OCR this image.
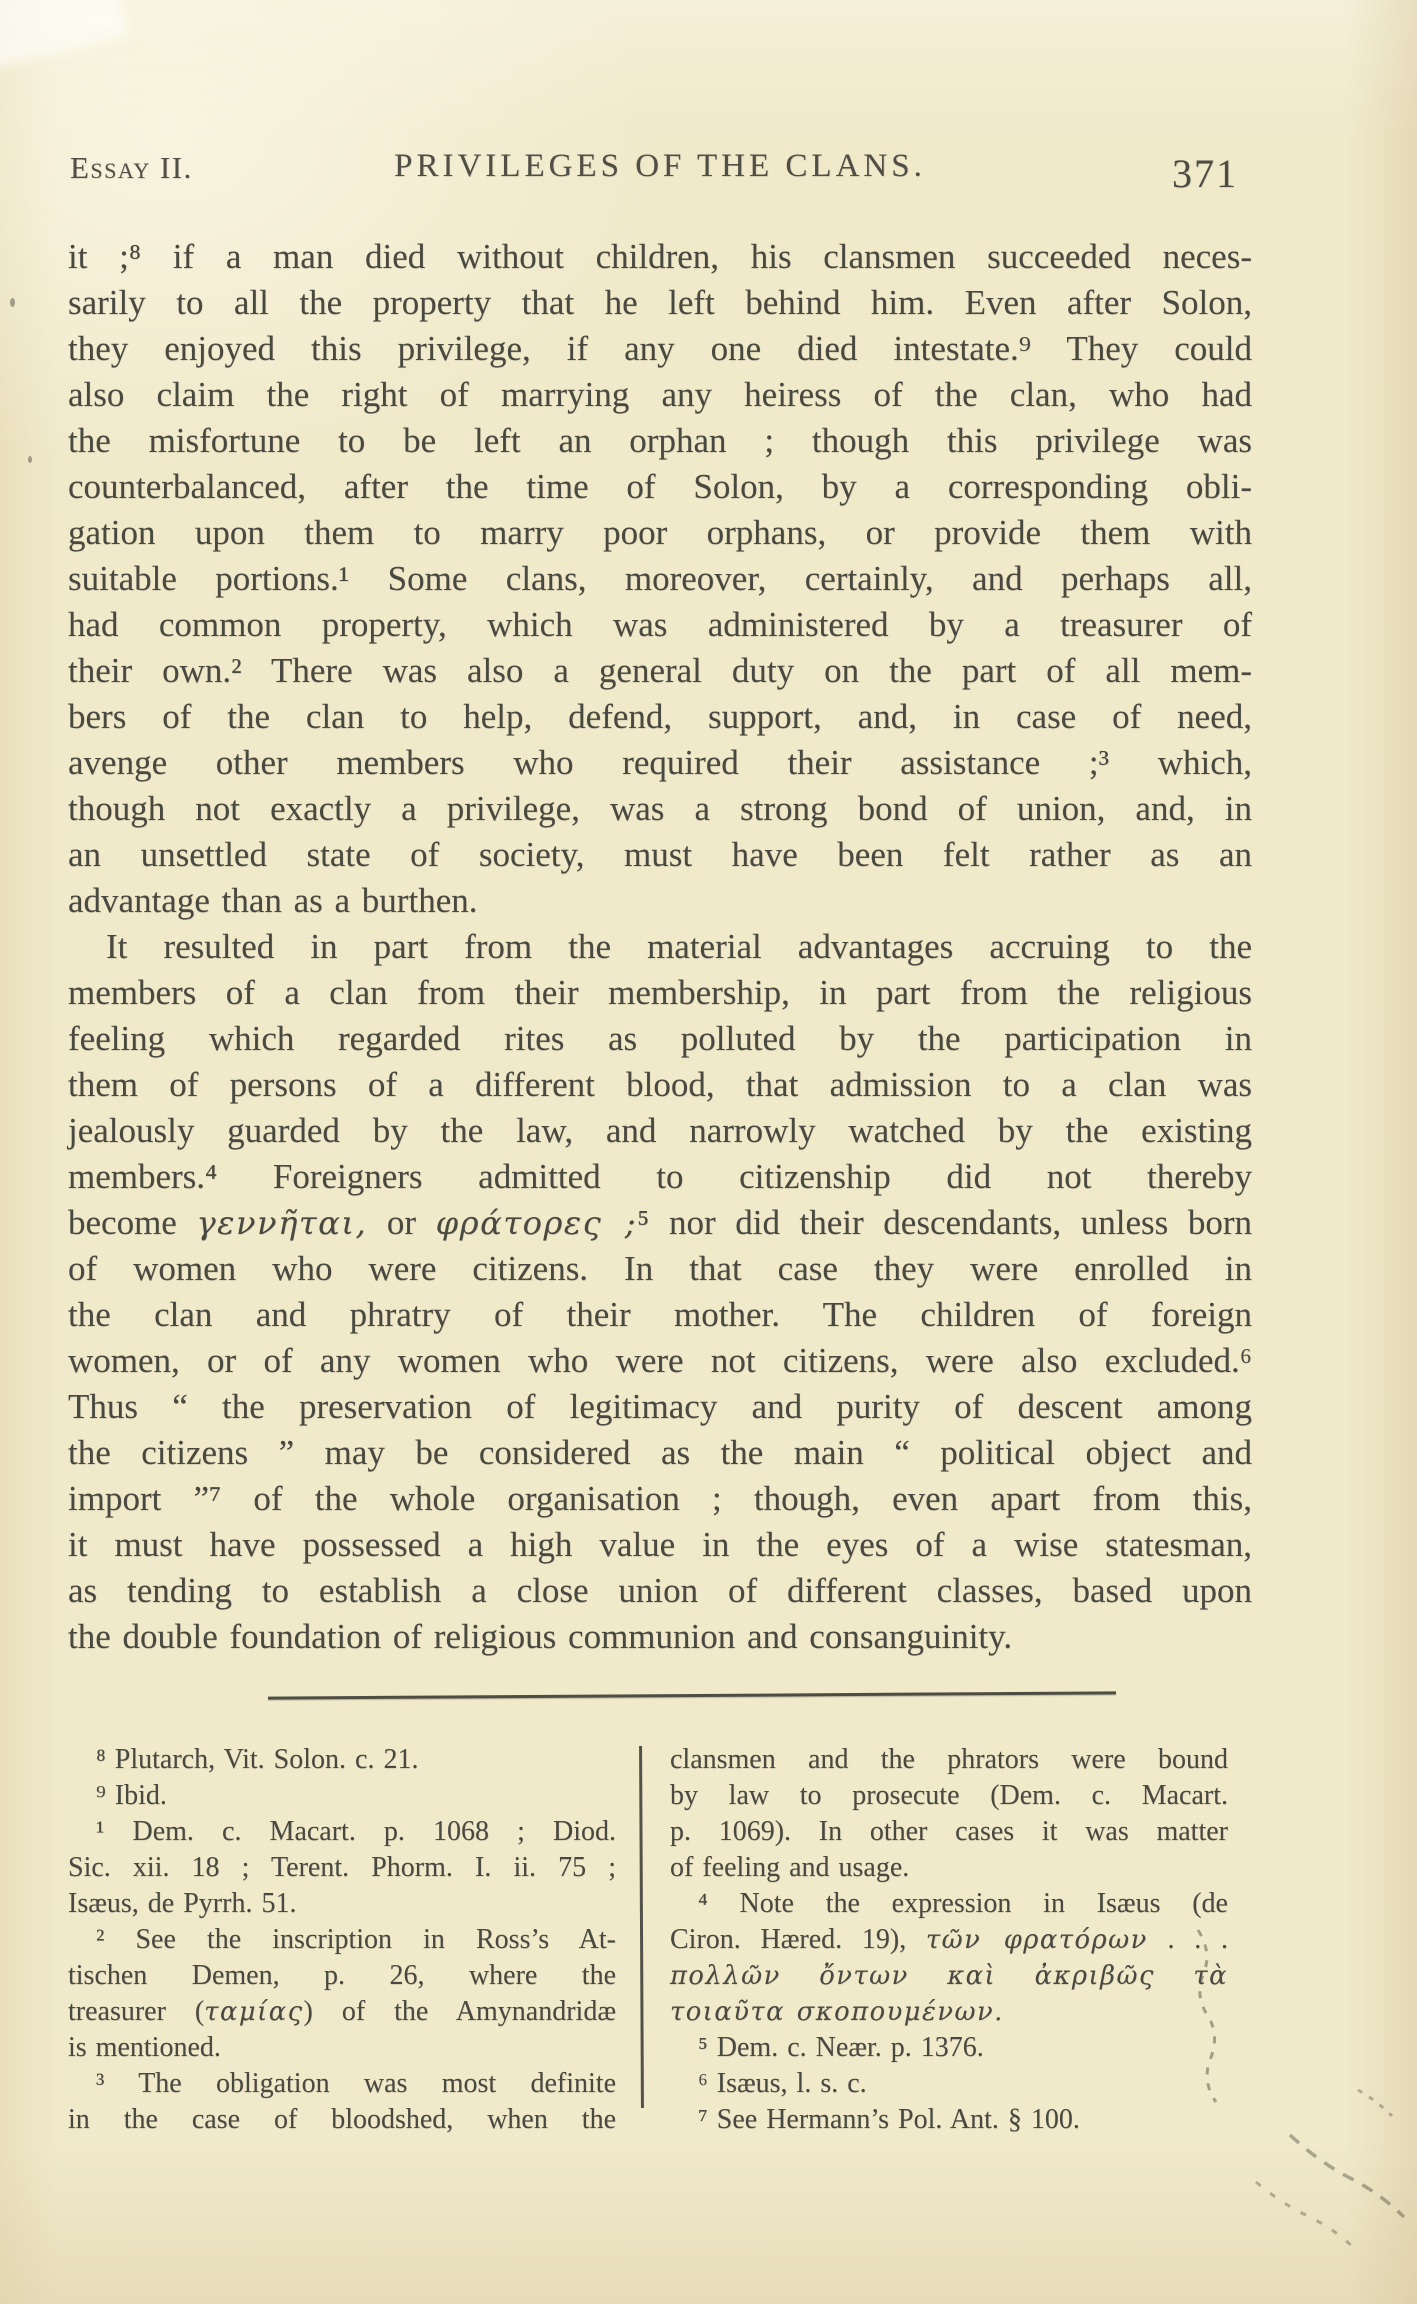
Essay II.	PRIVILEGES OF THE CLANS.	371
it ;⁸ if a man died without children, his clansmen succeeded neces-
sarily to all the property that he left behind him. Even after Solon,
they enjoyed this privilege, if any one died intestate.⁹ They could
also claim the right of marrying any heiress of the clan, who had
the misfortune to be left an orphan ; though this privilege was
counterbalanced, after the time of Solon, by a corresponding obli-
gation upon them to marry poor orphans, or provide them with
suitable portions.¹ Some clans, moreover, certainly, and perhaps all,
had common property, which was administered by a treasurer of
their own.² There was also a general duty on the part of all mem-
bers of the clan to help, defend, support, and, in case of need,
avenge other members who required their assistance ;³ which,
though not exactly a privilege, was a strong bond of union, and, in
an unsettled state of society, must have been felt rather as an
advantage than as a burthen.
It resulted in part from the material advantages accruing to the
members of a clan from their membership, in part from the religious
feeling which regarded rites as polluted by the participation in
them of persons of a different blood, that admission to a clan was
jealously guarded by the law, and narrowly watched by the existing
members.⁴ Foreigners admitted to citizenship did not thereby
become γεννῆται, or φράτορες ;⁵ nor did their descendants, unless born
of women who were citizens. In that case they were enrolled in
the clan and phratry of their mother. The children of foreign
women, or of any women who were not citizens, were also excluded.⁶
Thus “ the preservation of legitimacy and purity of descent among
the citizens ” may be considered as the main “ political object and
import ”⁷ of the whole organisation ; though, even apart from this,
it must have possessed a high value in the eyes of a wise statesman,
as tending to establish a close union of different classes, based upon
the double foundation of religious communion and consanguinity.
⁸ Plutarch, Vit. Solon. c. 21.
⁹ Ibid.
¹ Dem. c. Macart. p. 1068 ; Diod.
Sic. xii. 18 ; Terent. Phorm. I. ii. 75 ;
Isæus, de Pyrrh. 51.
² See the inscription in Ross’s At-
tischen Demen, p. 26, where the
treasurer (ταμίας) of the Amynandridæ
is mentioned.
³ The obligation was most definite
in the case of bloodshed, when the
clansmen and the phrators were bound
by law to prosecute (Dem. c. Macart.
p. 1069). In other cases it was matter
of feeling and usage.
⁴ Note the expression in Isæus (de
Ciron. Hæred. 19), τῶν φρατόρων . . .
πολλῶν ὄντων καὶ ἀκριβῶς τὰ
τοιαῦτα σκοπουμένων.
⁵ Dem. c. Neær. p. 1376.
⁶ Isæus, l. s. c.
⁷ See Hermann’s Pol. Ant. § 100.
